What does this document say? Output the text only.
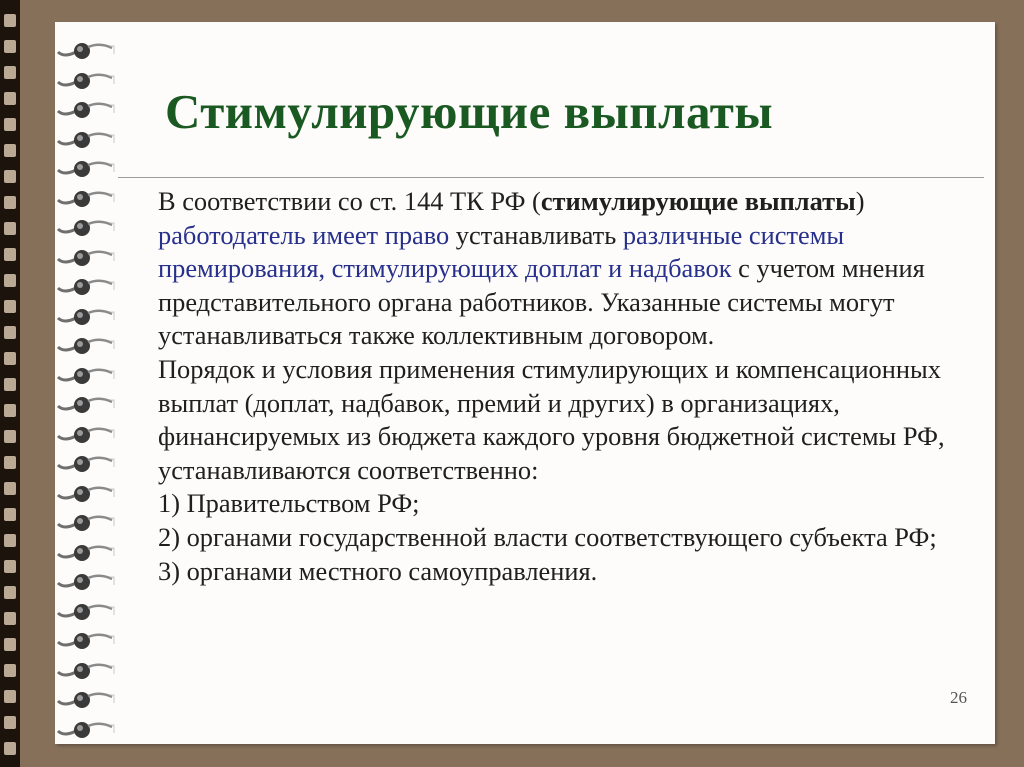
Стимулирующие выплаты

В соответствии со ст. 144 ТК РФ (стимулирующие выплаты) работодатель имеет право устанавливать различные системы премирования, стимулирующих доплат и надбавок с учетом мнения представительного органа работников. Указанные системы могут устанавливаться также коллективным договором.

Порядок и условия применения стимулирующих и компенсационных выплат (доплат, надбавок, премий и других) в организациях, финансируемых из бюджета каждого уровня бюджетной системы РФ, устанавливаются соответственно:

1) Правительством РФ;

2) органами государственной власти соответствующего субъекта РФ;

3) органами местного самоуправления.

26
